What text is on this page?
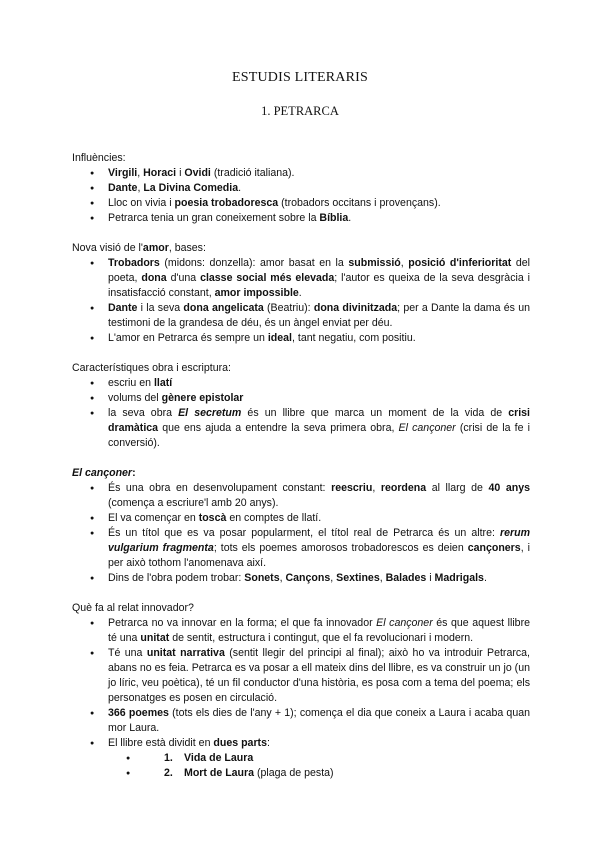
ESTUDIS LITERARIS
1. PETRARCA

Influències:

● Virgili, Horaci i Ovidi (tradició italiana).
● Dante, La Divina Comedia.
● Lloc on vivia i poesia trobadoresca (trobadors occitans i provençans).
● Petrarca tenia un gran coneixement sobre la Bíblia.

Nova visió de l'amor, bases:

● Trobadors (midons: donzella): amor basat en la submissió, posició d'inferioritat del poeta, dona d'una classe social més elevada; l'autor es queixa de la seva desgràcia i insatisfacció constant, amor impossible.
● Dante i la seva dona angelicata (Beatriu): dona divinitzada; per a Dante la dama és un testimoni de la grandesa de déu, és un àngel enviat per déu.
● L'amor en Petrarca és sempre un ideal, tant negatiu, com positiu.

Característiques obra i escriptura:

● escriu en llatí
● volums del gènere epistolar
● la seva obra El secretum és un llibre que marca un moment de la vida de crisi dramàtica que ens ajuda a entendre la seva primera obra, El cançoner (crisi de la fe i conversió).

El cançoner:

● És una obra en desenvolupament constant: reescriu, reordena al llarg de 40 anys (comença a escriure'l amb 20 anys).
● El va començar en toscà en comptes de llatí.
● És un títol que es va posar popularment, el títol real de Petrarca és un altre: rerum vulgarium fragmenta; tots els poemes amorosos trobadorescos es deien cançoners, i per això tothom l'anomenava així.
● Dins de l'obra podem trobar: Sonets, Cançons, Sextines, Balades i Madrigals.

Què fa al relat innovador?

● Petrarca no va innovar en la forma; el que fa innovador El cançoner és que aquest llibre té una unitat de sentit, estructura i contingut, que el fa revolucionari i modern.
● Té una unitat narrativa (sentit llegir del principi al final); això ho va introduir Petrarca, abans no es feia. Petrarca es va posar a ell mateix dins del llibre, es va construir un jo (un jo líric, veu poètica), té un fil conductor d'una història, es posa com a tema del poema; els personatges es posen en circulació.
● 366 poemes (tots els dies de l'any + 1); comença el dia que coneix a Laura i acaba quan mor Laura.
● El llibre està dividit en dues parts:
● 1. Vida de Laura
● 2. Mort de Laura (plaga de pesta)
